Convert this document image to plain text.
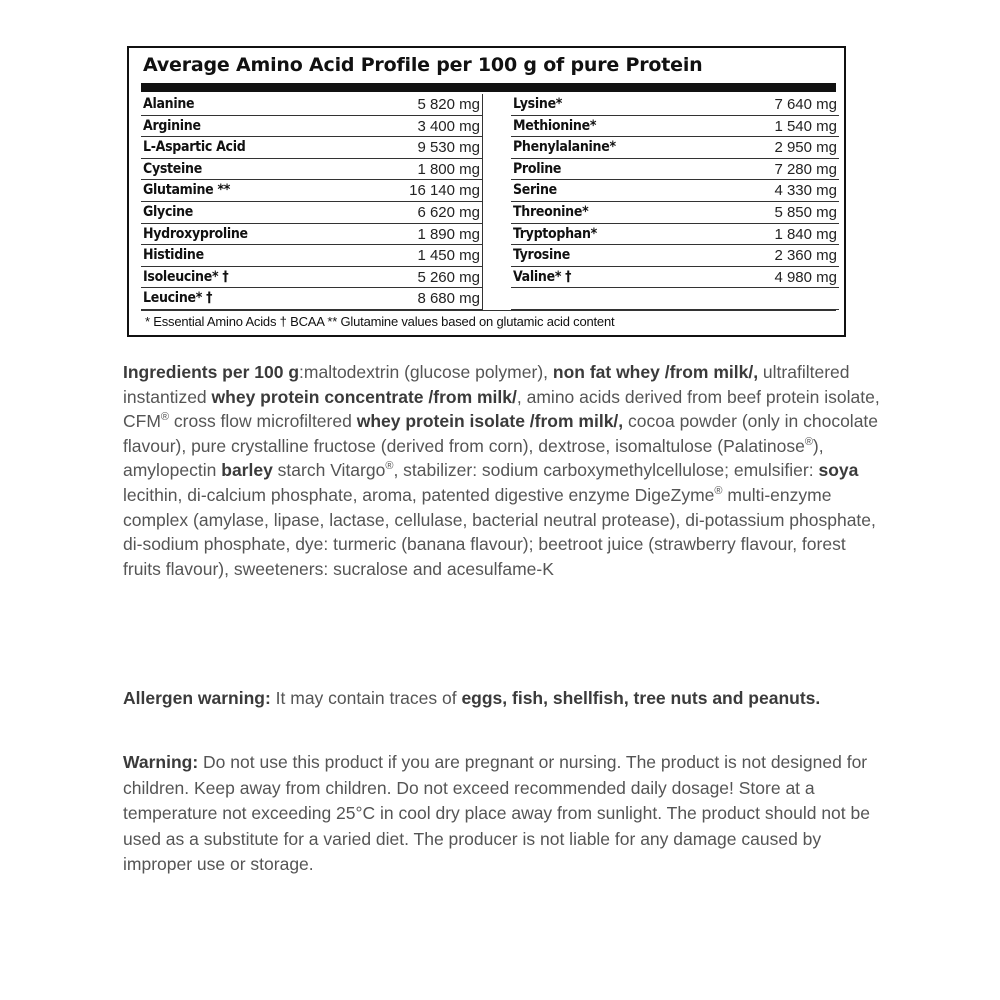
Average Amino Acid Profile per 100 g of pure Protein
Alanine	5 820 mg Lysine*	7 640 mg
Arginine	3 400 mg Methionine*	1 540 mg
L-Aspartic Acid	9 530 mg Phenylalanine*	2 950 mg
Cysteine	1 800 mg Proline	7 280 mg
Glutamine **	16 140 mg Serine	4 330 mg
Glycine	6 620 mg Threonine*	5 850 mg
Hydroxyproline	1 890 mg Tryptophan*	1 840 mg
Histidine	1 450 mg Tyrosine	2 360 mg
Isoleucine* †	5 260 mg Valine* †	4 980 mg
Leucine* †	8 680 mg
* Essential Amino Acids † BCAA ** Glutamine values based on glutamic acid content
Ingredients per 100 g:maltodextrin (glucose polymer), non fat whey /from milk/, ultrafiltered instantized whey protein concentrate /from milk/, amino acids derived from beef protein isolate, CFM® cross flow microfiltered whey protein isolate /from milk/, cocoa powder (only in chocolate flavour), pure crystalline fructose (derived from corn), dextrose, isomaltulose (Palatinose®), amylopectin barley starch Vitargo®, stabilizer: sodium carboxymethylcellulose; emulsifier: soya lecithin, di-calcium phosphate, aroma, patented digestive enzyme DigeZyme® multi-enzyme complex (amylase, lipase, lactase, cellulase, bacterial neutral protease), di-potassium phosphate, di-sodium phosphate, dye: turmeric (banana flavour); beetroot juice (strawberry flavour, forest fruits flavour), sweeteners: sucralose and acesulfame-K
Allergen warning: It may contain traces of eggs, fish, shellfish, tree nuts and peanuts.
Warning: Do not use this product if you are pregnant or nursing. The product is not designed for children. Keep away from children. Do not exceed recommended daily dosage! Store at a temperature not exceeding 25°C in cool dry place away from sunlight. The product should not be used as a substitute for a varied diet. The producer is not liable for any damage caused by improper use or storage.
